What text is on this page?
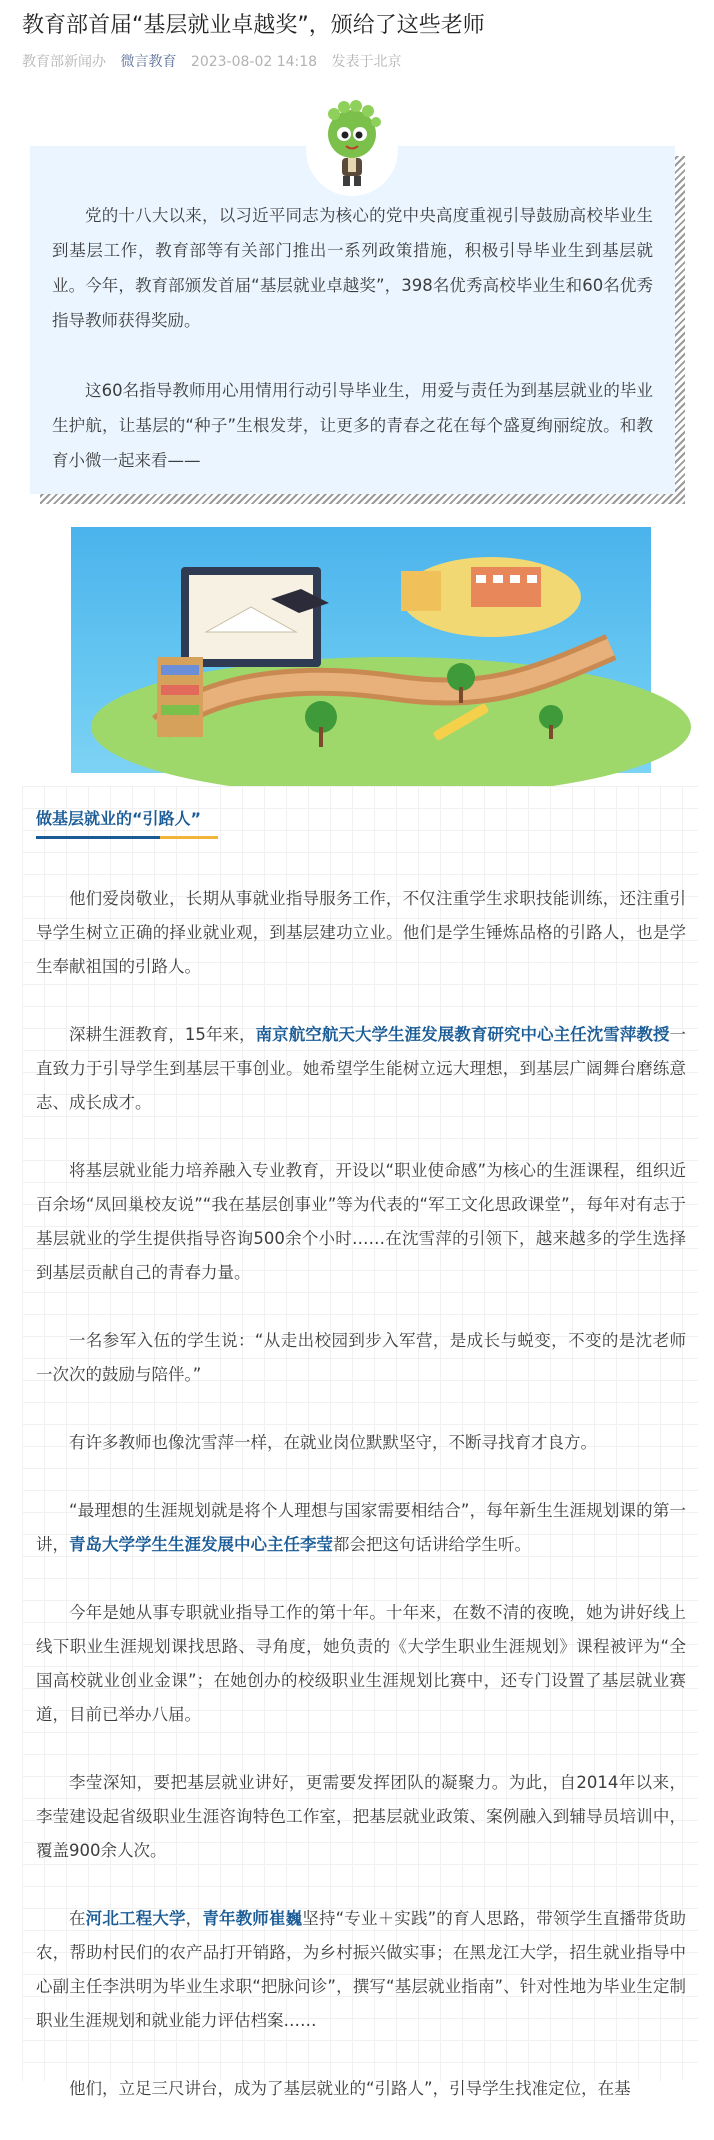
教育部首届“基层就业卓越奖”，颁给了这些老师
教育部新闻办 微言教育 2023-08-02 14:18 发表于北京

党的十八大以来，以习近平同志为核心的党中央高度重视引导鼓励高校毕业生到基层工作，教育部等有关部门推出一系列政策措施，积极引导毕业生到基层就业。今年，教育部颁发首届“基层就业卓越奖”，398名优秀高校毕业生和60名优秀指导教师获得奖励。

这60名指导教师用心用情用行动引导毕业生，用爱与责任为到基层就业的毕业生护航，让基层的“种子”生根发芽，让更多的青春之花在每个盛夏绚丽绽放。和教育小微一起来看——

做基层就业的“引路人”

他们爱岗敬业，长期从事就业指导服务工作，不仅注重学生求职技能训练，还注重引导学生树立正确的择业就业观，到基层建功立业。他们是学生锤炼品格的引路人，也是学生奉献祖国的引路人。

深耕生涯教育，15年来，南京航空航天大学生涯发展教育研究中心主任沈雪萍教授一直致力于引导学生到基层干事创业。她希望学生能树立远大理想，到基层广阔舞台磨练意志、成长成才。

将基层就业能力培养融入专业教育，开设以“职业使命感”为核心的生涯课程，组织近百余场“凤回巢校友说”“我在基层创事业”等为代表的“军工文化思政课堂”，每年对有志于基层就业的学生提供指导咨询500余个小时……在沈雪萍的引领下，越来越多的学生选择到基层贡献自己的青春力量。

一名参军入伍的学生说：“从走出校园到步入军营，是成长与蜕变，不变的是沈老师一次次的鼓励与陪伴。”

有许多教师也像沈雪萍一样，在就业岗位默默坚守，不断寻找育才良方。

“最理想的生涯规划就是将个人理想与国家需要相结合”，每年新生生涯规划课的第一讲，青岛大学学生生涯发展中心主任李莹都会把这句话讲给学生听。

今年是她从事专职就业指导工作的第十年。十年来，在数不清的夜晚，她为讲好线上线下职业生涯规划课找思路、寻角度，她负责的《大学生职业生涯规划》课程被评为“全国高校就业创业金课”；在她创办的校级职业生涯规划比赛中，还专门设置了基层就业赛道，目前已举办八届。

李莹深知，要把基层就业讲好，更需要发挥团队的凝聚力。为此，自2014年以来，李莹建设起省级职业生涯咨询特色工作室，把基层就业政策、案例融入到辅导员培训中，覆盖900余人次。

在河北工程大学，青年教师崔巍坚持“专业＋实践”的育人思路，带领学生直播带货助农，帮助村民们的农产品打开销路，为乡村振兴做实事；在黑龙江大学，招生就业指导中心副主任李洪明为毕业生求职“把脉问诊”，撰写“基层就业指南”、针对性地为毕业生定制职业生涯规划和就业能力评估档案……

他们，立足三尺讲台，成为了基层就业的“引路人”，引导学生找准定位，在基
